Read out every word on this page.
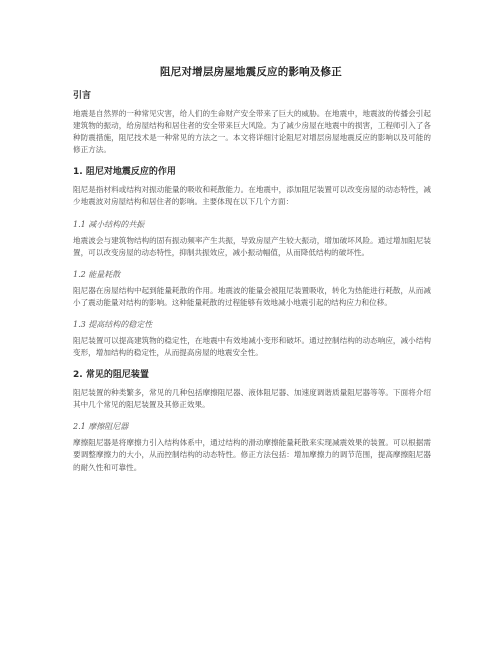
阻尼对增层房屋地震反应的影响及修正
引言
地震是自然界的一种常见灾害，给人们的生命财产安全带来了巨大的威胁。在地震中，地震波的传播会引起建筑物的振动，给房屋结构和居住者的安全带来巨大风险。为了减少房屋在地震中的损害，工程师引入了各种防震措施，阻尼技术是一种常见的方法之一。本文将详细讨论阻尼对增层房屋地震反应的影响以及可能的修正方法。
1. 阻尼对地震反应的作用
阻尼是指材料或结构对振动能量的吸收和耗散能力。在地震中，添加阻尼装置可以改变房屋的动态特性，减少地震波对房屋结构和居住者的影响。主要体现在以下几个方面：
1.1 减小结构的共振
地震波会与建筑物结构的固有振动频率产生共振，导致房屋产生较大振动，增加破坏风险。通过增加阻尼装置，可以改变房屋的动态特性，抑制共振效应，减小振动幅值，从而降低结构的破坏性。
1.2 能量耗散
阻尼器在房屋结构中起到能量耗散的作用。地震波的能量会被阻尼装置吸收，转化为热能进行耗散，从而减小了震动能量对结构的影响。这种能量耗散的过程能够有效地减小地震引起的结构应力和位移。
1.3 提高结构的稳定性
阻尼装置可以提高建筑物的稳定性，在地震中有效地减小变形和破坏。通过控制结构的动态响应，减小结构变形，增加结构的稳定性，从而提高房屋的地震安全性。
2. 常见的阻尼装置
阻尼装置的种类繁多，常见的几种包括摩擦阻尼器、液体阻尼器、加速度调谐质量阻尼器等等。下面将介绍其中几个常见的阻尼装置及其修正效果。
2.1 摩擦阻尼器
摩擦阻尼器是将摩擦力引入结构体系中，通过结构的滑动摩擦能量耗散来实现减震效果的装置。可以根据需要调整摩擦力的大小，从而控制结构的动态特性。修正方法包括：增加摩擦力的调节范围，提高摩擦阻尼器的耐久性和可靠性。
